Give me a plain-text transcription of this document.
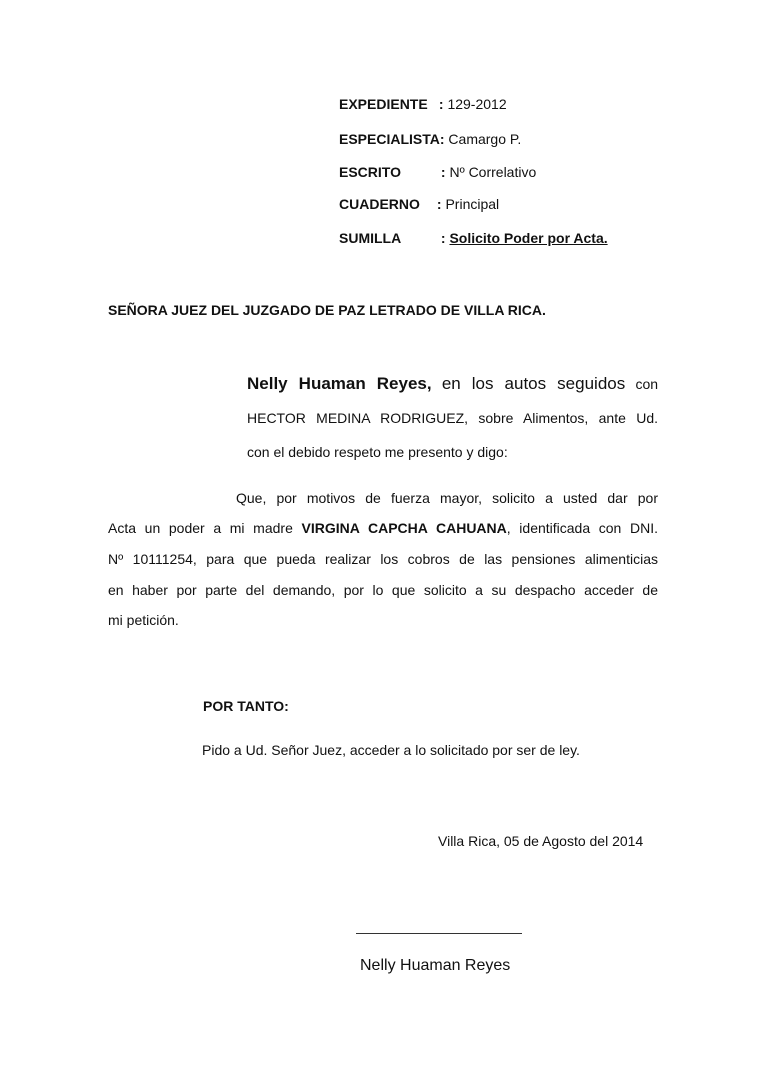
EXPEDIENTE : 129-2012
ESPECIALISTA: Camargo P.
ESCRITO	: Nº Correlativo
CUADERNO : Principal
SUMILLA	: Solicito Poder por Acta.
SEÑORA JUEZ DEL JUZGADO DE PAZ LETRADO DE VILLA RICA.
Nelly Huaman Reyes, en los autos seguidos con
HECTOR MEDINA RODRIGUEZ, sobre Alimentos, ante Ud.
con el debido respeto me presento y digo:
Que, por motivos de fuerza mayor, solicito a usted dar por
Acta un poder a mi madre VIRGINA CAPCHA CAHUANA, identificada con DNI.
Nº 10111254, para que pueda realizar los cobros de las pensiones alimenticias
en haber por parte del demando, por lo que solicito a su despacho acceder de
mi petición.
POR TANTO:
Pido a Ud. Señor Juez, acceder a lo solicitado por ser de ley.
Villa Rica, 05 de Agosto del 2014
Nelly Huaman Reyes
